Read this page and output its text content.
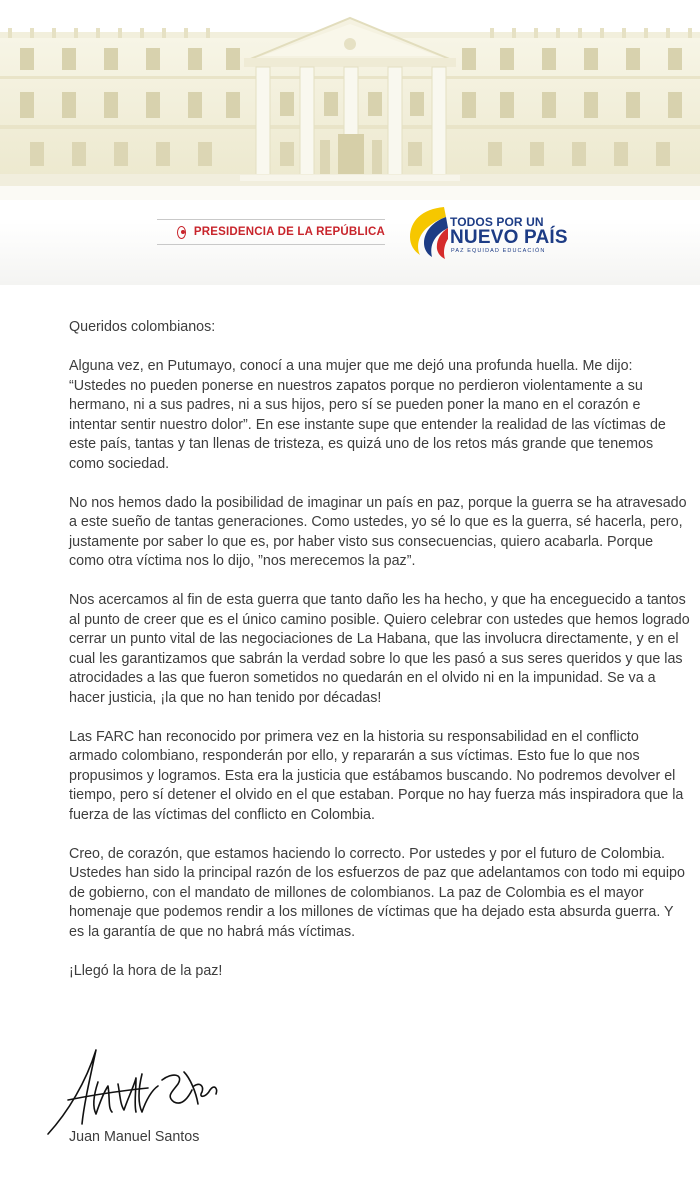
PRESIDENCIA DE LA REPÚBLICA
TODOS POR UN
NUEVO PAÍS
PAZ EQUIDAD EDUCACIÓN

Queridos colombianos:

Alguna vez, en Putumayo, conocí a una mujer que me dejó una profunda huella. Me dijo: “Ustedes no pueden ponerse en nuestros zapatos porque no perdieron violentamente a su hermano, ni a sus padres, ni a sus hijos, pero sí se pueden poner la mano en el corazón e intentar sentir nuestro dolor”. En ese instante supe que entender la realidad de las víctimas de este país, tantas y tan llenas de tristeza, es quizá uno de los retos más grande que tenemos como sociedad.

No nos hemos dado la posibilidad de imaginar un país en paz, porque la guerra se ha atravesado a este sueño de tantas generaciones. Como ustedes, yo sé lo que es la guerra, sé hacerla, pero, justamente por saber lo que es, por haber visto sus consecuencias, quiero acabarla. Porque como otra víctima nos lo dijo, ”nos merecemos la paz”.

Nos acercamos al fin de esta guerra que tanto daño les ha hecho, y que ha enceguecido a tantos al punto de creer que es el único camino posible. Quiero celebrar con ustedes que hemos logrado cerrar un punto vital de las negociaciones de La Habana, que las involucra directamente, y en el cual les garantizamos que sabrán la verdad sobre lo que les pasó a sus seres queridos y que las atrocidades a las que fueron sometidos no quedarán en el olvido ni en la impunidad. Se va a hacer justicia, ¡la que no han tenido por décadas!

Las FARC han reconocido por primera vez en la historia su responsabilidad en el conflicto armado colombiano, responderán por ello, y repararán a sus víctimas. Esto fue lo que nos propusimos y logramos. Esta era la justicia que estábamos buscando. No podremos devolver el tiempo, pero sí detener el olvido en el que estaban. Porque no hay fuerza más inspiradora que la fuerza de las víctimas del conflicto en Colombia.

Creo, de corazón, que estamos haciendo lo correcto. Por ustedes y por el futuro de Colombia. Ustedes han sido la principal razón de los esfuerzos de paz que adelantamos con todo mi equipo de gobierno, con el mandato de millones de colombianos. La paz de Colombia es el mayor homenaje que podemos rendir a los millones de víctimas que ha dejado esta absurda guerra. Y es la garantía de que no habrá más víctimas.

¡Llegó la hora de la paz!

Juan Manuel Santos
